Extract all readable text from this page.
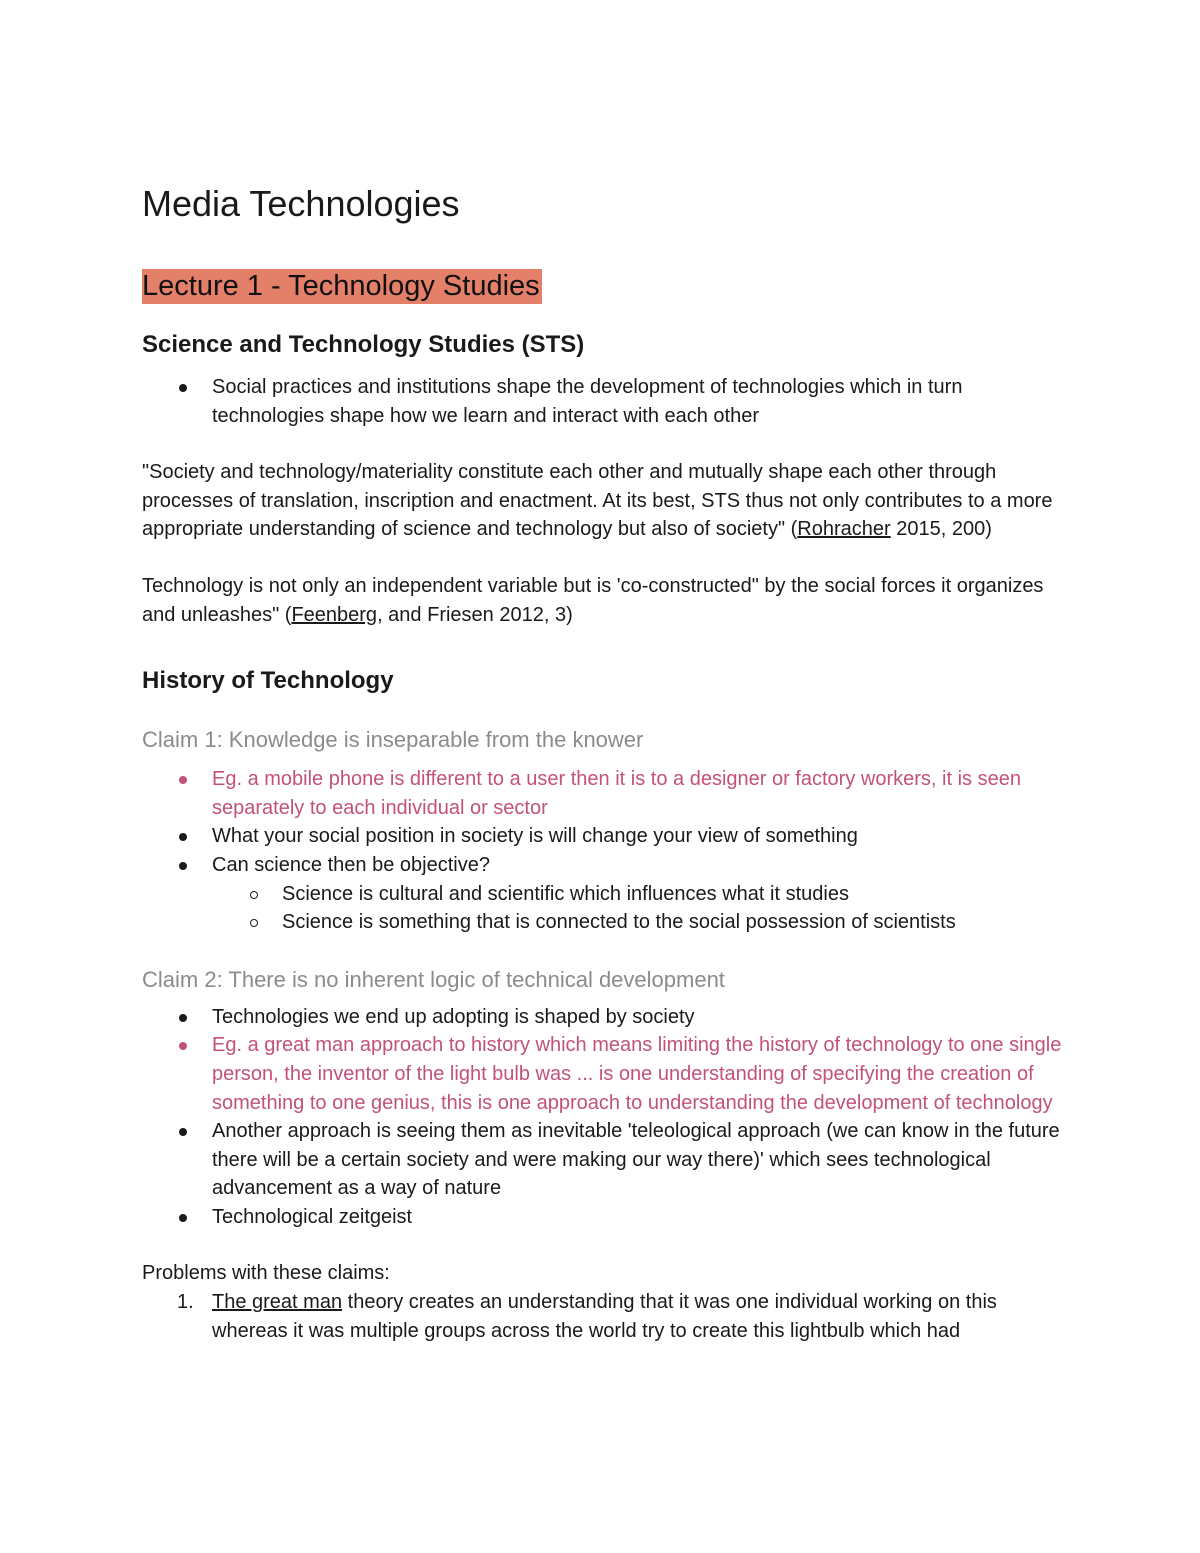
Media Technologies
Lecture 1 - Technology Studies
Science and Technology Studies (STS)
Social practices and institutions shape the development of technologies which in turn technologies shape how we learn and interact with each other

"Society and technology/materiality constitute each other and mutually shape each other through processes of translation, inscription and enactment. At its best, STS thus not only contributes to a more appropriate understanding of science and technology but also of society" (Rohracher 2015, 200)

Technology is not only an independent variable but is 'co-constructed" by the social forces it organizes and unleashes" (Feenberg, and Friesen 2012, 3)

History of Technology

Claim 1: Knowledge is inseparable from the knower

Eg. a mobile phone is different to a user then it is to a designer or factory workers, it is seen separately to each individual or sector
What your social position in society is will change your view of something
Can science then be objective?
Science is cultural and scientific which influences what it studies
Science is something that is connected to the social possession of scientists

Claim 2: There is no inherent logic of technical development

Technologies we end up adopting is shaped by society
Eg. a great man approach to history which means limiting the history of technology to one single person, the inventor of the light bulb was ... is one understanding of specifying the creation of something to one genius, this is one approach to understanding the development of technology
Another approach is seeing them as inevitable 'teleological approach (we can know in the future there will be a certain society and were making our way there)' which sees technological advancement as a way of nature
Technological zeitgeist

Problems with these claims:

1. The great man theory creates an understanding that it was one individual working on this whereas it was multiple groups across the world try to create this lightbulb which had
